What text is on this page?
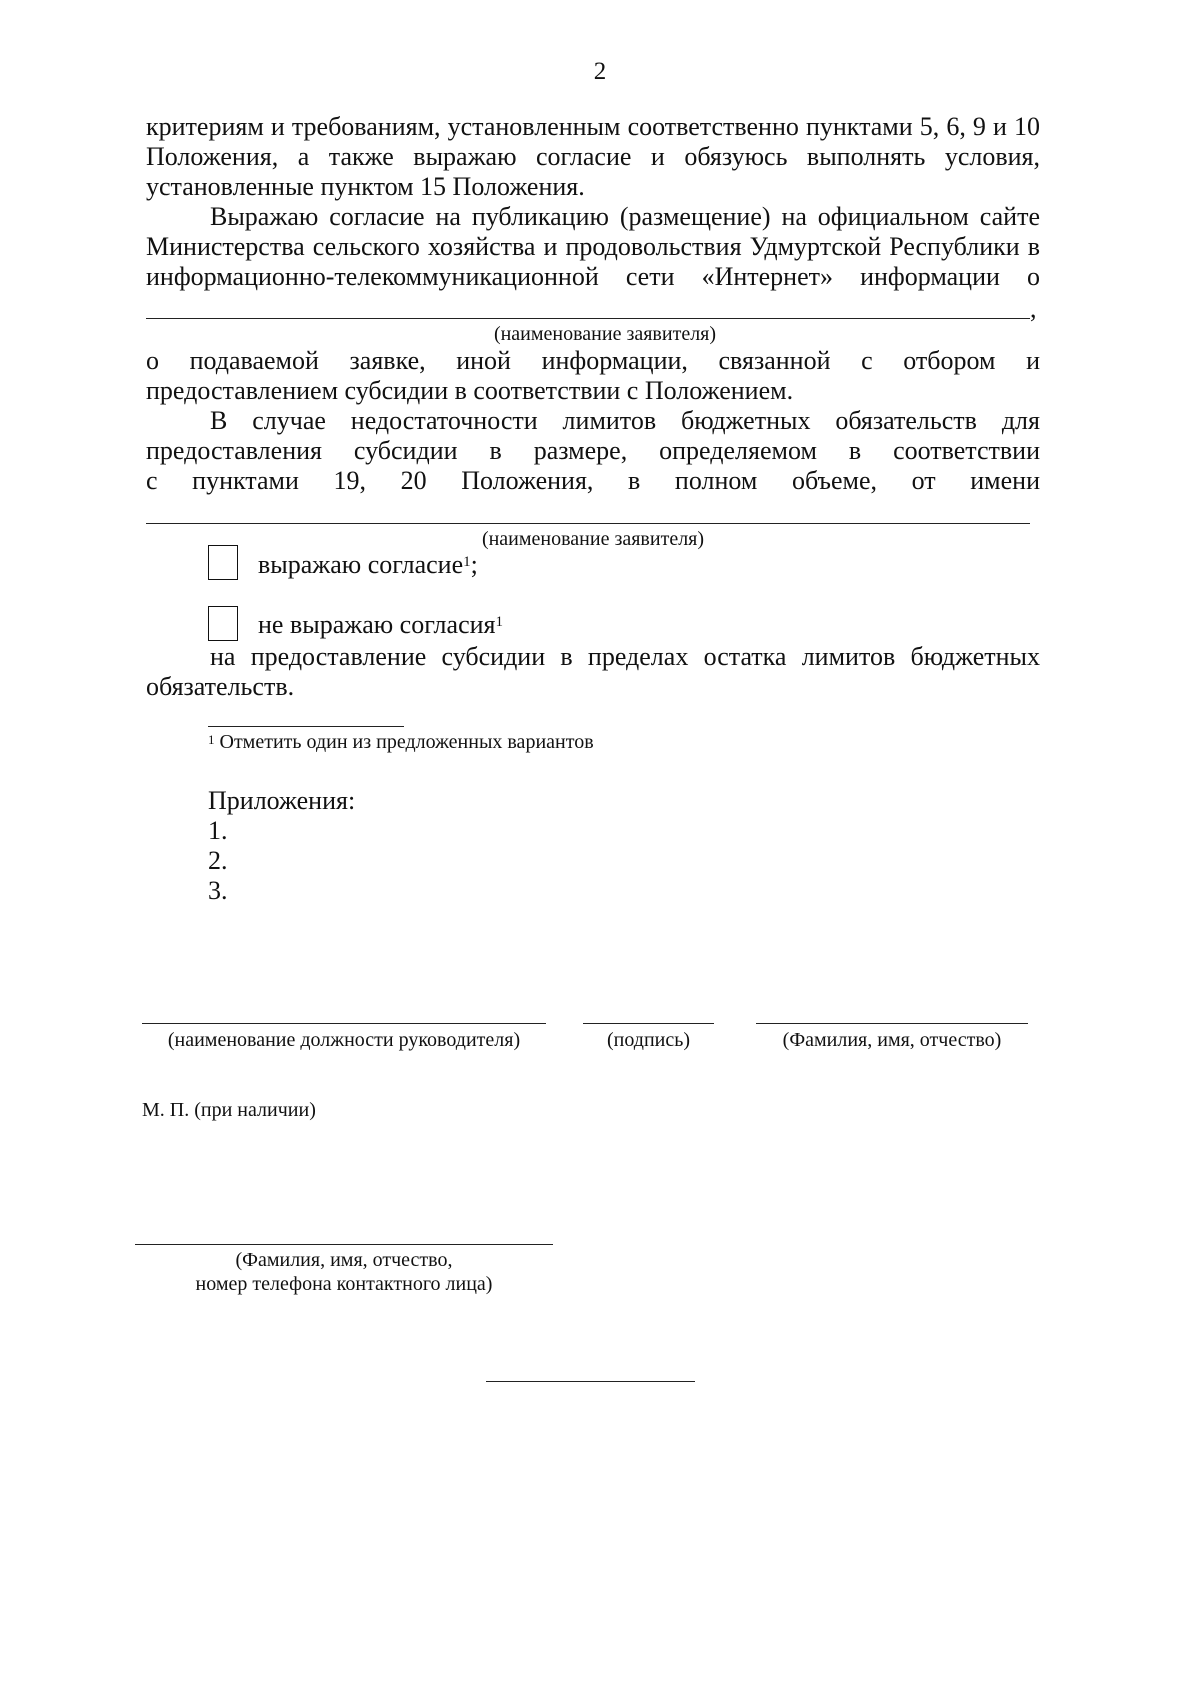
2
критериям и требованиям, установленным соответственно пунктами 5, 6, 9 и 10
Положения, а также выражаю согласие и обязуюсь выполнять условия,
установленные пунктом 15 Положения.
Выражаю согласие на публикацию (размещение) на официальном сайте
Министерства сельского хозяйства и продовольствия Удмуртской Республики в
информационно-телекоммуникационной сети «Интернет» информации о
,
(наименование заявителя)
о подаваемой заявке, иной информации, связанной с отбором и
предоставлением субсидии в соответствии с Положением.
В случае недостаточности лимитов бюджетных обязательств для
предоставления субсидии в размере, определяемом в соответствии
с пунктами 19, 20 Положения, в полном объеме, от имени
(наименование заявителя)
выражаю согласие$^1$;
не выражаю согласия$^1$
на предоставление субсидии в пределах остатка лимитов бюджетных
обязательств.
$^1$ Отметить один из предложенных вариантов
Приложения:
1.
2.
3.
(наименование должности руководителя)	(подпись)	(Фамилия, имя, отчество)
М. П. (при наличии)
(Фамилия, имя, отчество,
номер телефона контактного лица)
